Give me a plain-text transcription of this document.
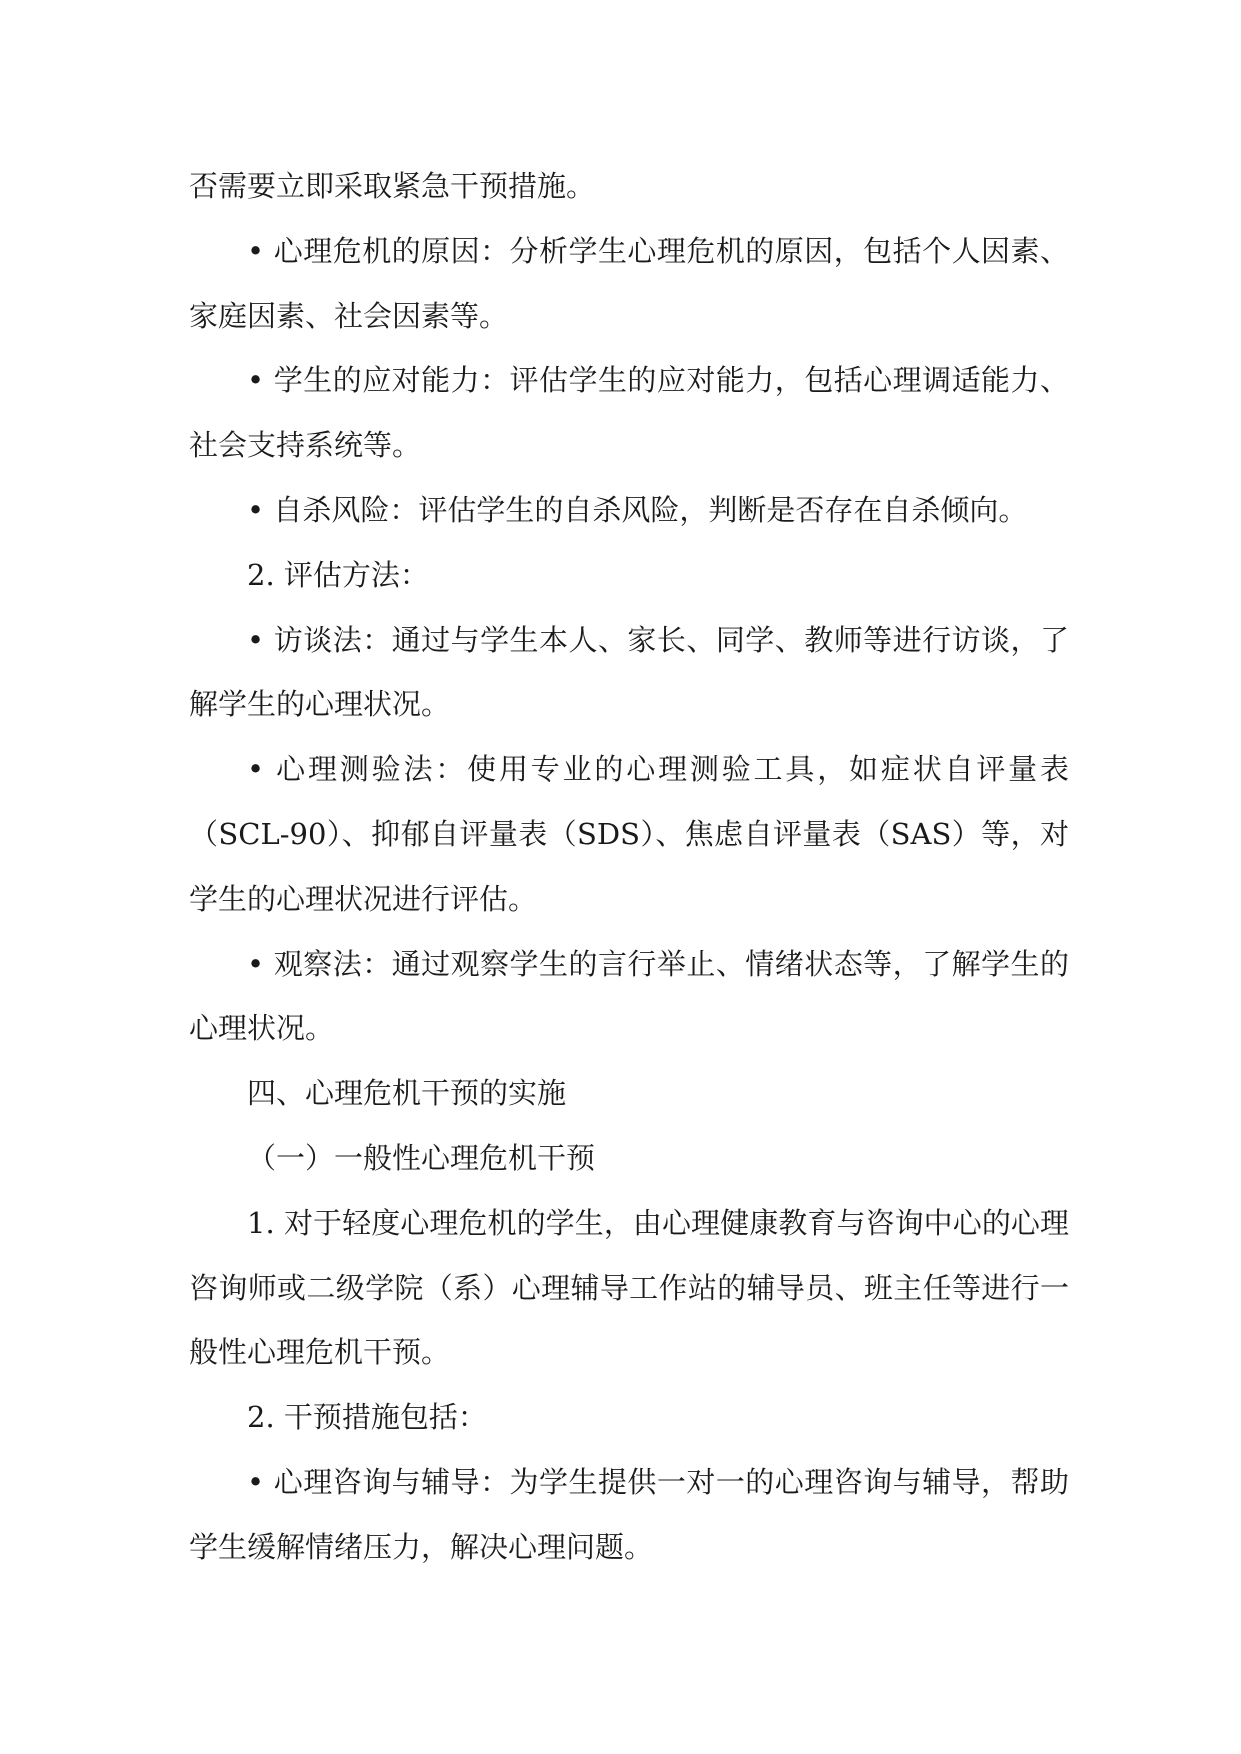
否需要立即采取紧急干预措施。

• 心理危机的原因：分析学生心理危机的原因，包括个人因素、家庭因素、社会因素等。

• 学生的应对能力：评估学生的应对能力，包括心理调适能力、社会支持系统等。

• 自杀风险：评估学生的自杀风险，判断是否存在自杀倾向。

2. 评估方法：

• 访谈法：通过与学生本人、家长、同学、教师等进行访谈，了解学生的心理状况。

• 心理测验法：使用专业的心理测验工具，如症状自评量表（SCL-90）、抑郁自评量表（SDS）、焦虑自评量表（SAS）等，对学生的心理状况进行评估。

• 观察法：通过观察学生的言行举止、情绪状态等，了解学生的心理状况。

四、心理危机干预的实施

（一）一般性心理危机干预

1. 对于轻度心理危机的学生，由心理健康教育与咨询中心的心理咨询师或二级学院（系）心理辅导工作站的辅导员、班主任等进行一般性心理危机干预。

2. 干预措施包括：

• 心理咨询与辅导：为学生提供一对一的心理咨询与辅导，帮助学生缓解情绪压力，解决心理问题。
